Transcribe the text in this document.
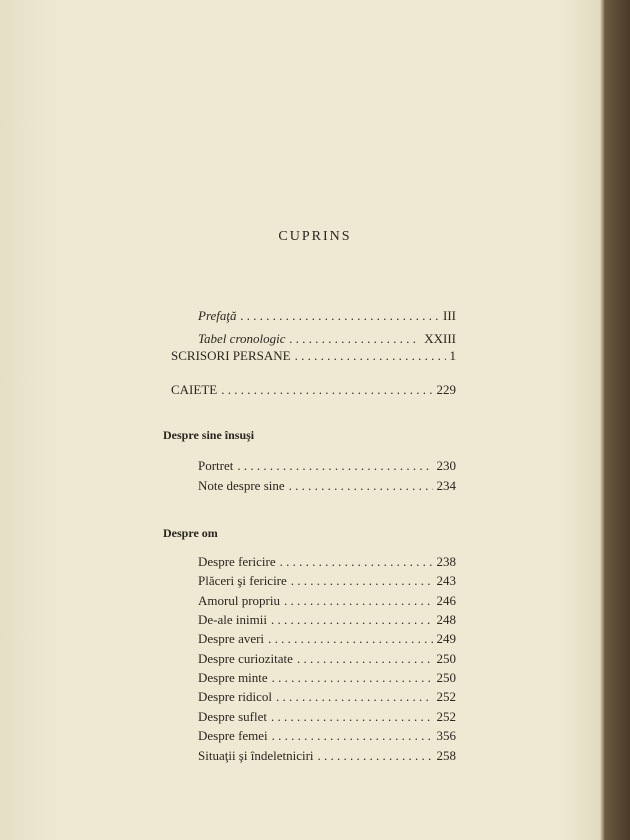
CUPRINS
Prefaţă . . .	III
Tabel cronologic . . .	XXIII
SCRISORI PERSANE . . .	1
CAIETE . . .	229
Despre sine însuşi
Portret . . .	230
Note despre sine . . .	234
Despre om
Despre fericire . . .	238
Plăceri şi fericire . . .	243
Amorul propriu . . .	246
De-ale inimii . . .	248
Despre averi . . .	249
Despre curiozitate . . .	250
Despre minte . . .	250
Despre ridicol . . .	252
Despre suflet . . .	252
Despre femei . . .	356
Situaţii şi îndeletniciri . . .	258
